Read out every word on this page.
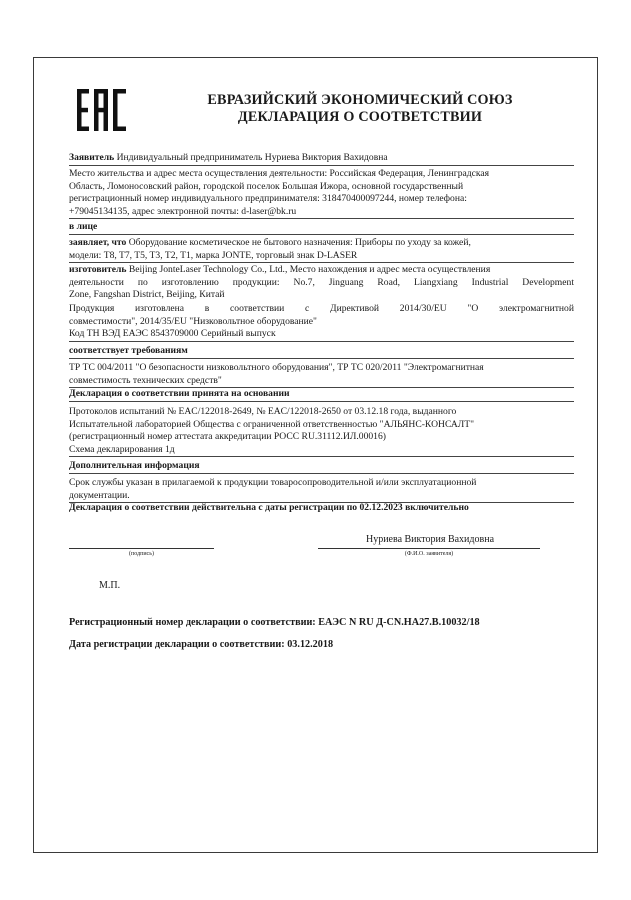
ЕВРАЗИЙСКИЙ ЭКОНОМИЧЕСКИЙ СОЮЗ
ДЕКЛАРАЦИЯ О СООТВЕТСТВИИ
Заявитель Индивидуальный предприниматель Нуриева Виктория Вахидовна
Место жительства и адрес места осуществления деятельности: Российская Федерация, Ленинградская
Область, Ломоносовский район, городской поселок Большая Ижора, основной государственный
регистрационный номер индивидуального предпринимателя: 318470400097244, номер телефона:
+79045134135, адрес электронной почты: d-laser@bk.ru
в лице
заявляет, что Оборудование косметическое не бытового назначения: Приборы по уходу за кожей,
модели: T8, T7, T5, T3, T2, T1, марка JONTE, торговый знак D-LASER
изготовитель Beijing JonteLaser Technology Co., Ltd., Место нахождения и адрес места осуществления
деятельности по изготовлению продукции: No.7, Jinguang Road, Liangxiang Industrial Development
Zone, Fangshan District, Beijing, Китай
Продукция изготовлена в соответствии с Директивой 2014/30/EU "О электромагнитной
совместимости", 2014/35/EU "Низковольтное оборудование"
Код ТН ВЭД ЕАЭС 8543709000 Серийный выпуск
соответствует требованиям
ТР ТС 004/2011 "О безопасности низковольтного оборудования", ТР ТС 020/2011 "Электромагнитная
совместимость технических средств"
Декларация о соответствии принята на основании
Протоколов испытаний № EAC/122018-2649, № EAC/122018-2650 от 03.12.18 года, выданного
Испытательной лабораторией Общества с ограниченной ответственностью "АЛЬЯНС-КОНСАЛТ"
(регистрационный номер аттестата аккредитации РОСС RU.31112.ИЛ.00016)
Схема декларирования 1д
Дополнительная информация
Срок службы указан в прилагаемой к продукции товаросопроводительной и/или эксплуатационной
документации.
Декларация о соответствии действительна с даты регистрации по 02.12.2023 включительно
(подпись)
Нуриева Виктория Вахидовна
(Ф.И.О. заявителя)
М.П.
Регистрационный номер декларации о соответствии: ЕАЭС N RU Д-CN.НА27.В.10032/18
Дата регистрации декларации о соответствии: 03.12.2018
